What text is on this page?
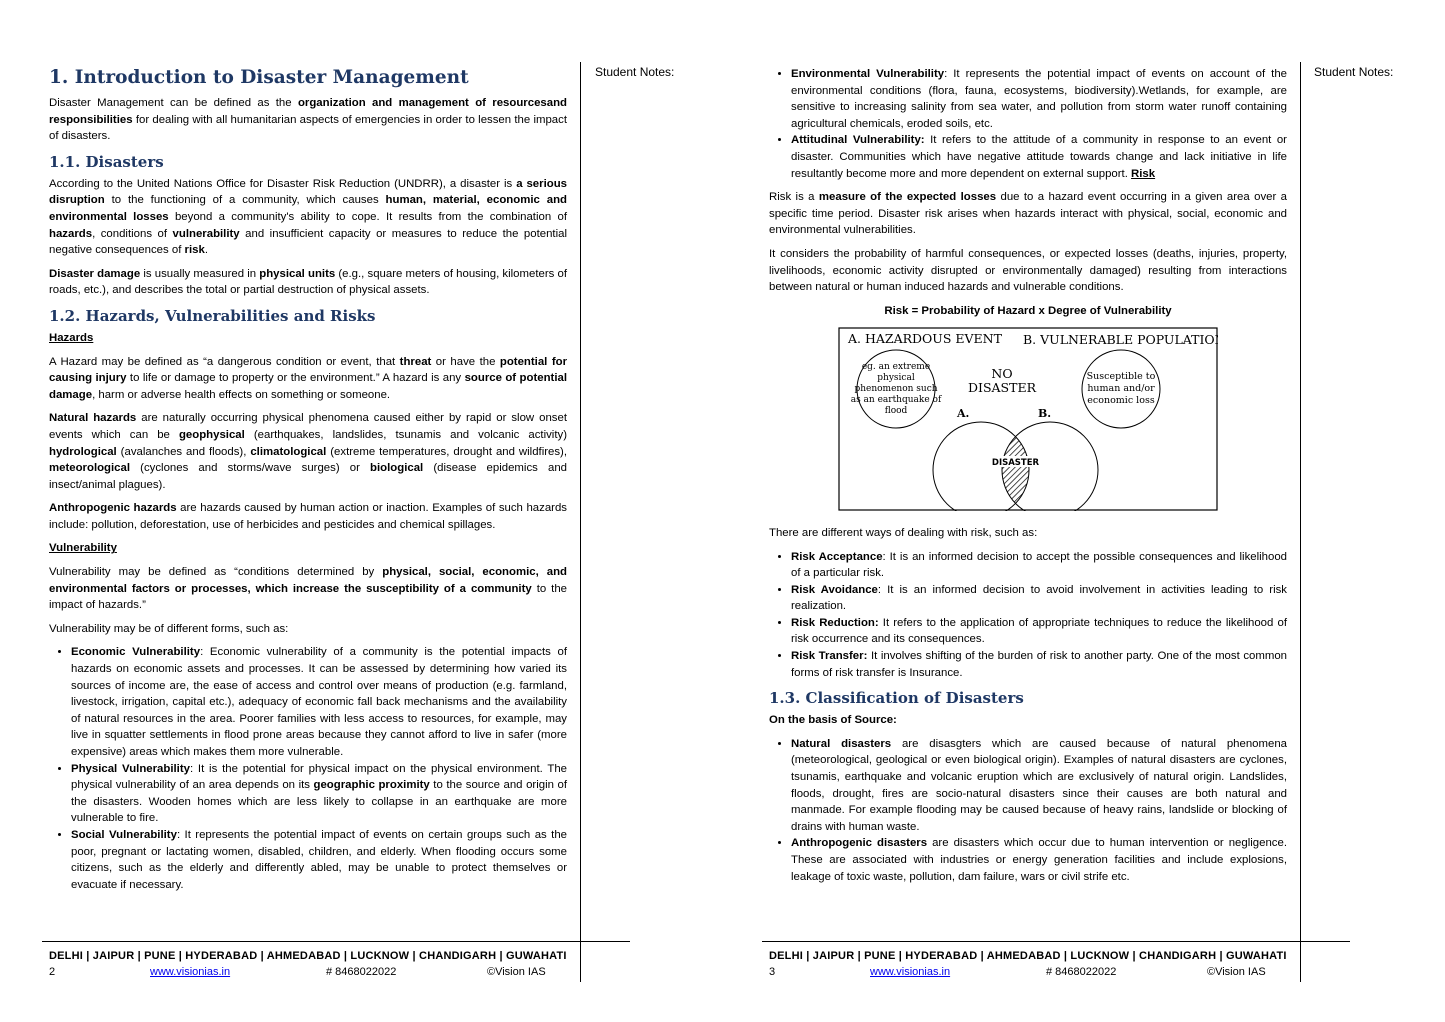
Student Notes:
1. Introduction to Disaster Management

Disaster Management can be defined as the organization and management of resourcesand responsibilities for dealing with all humanitarian aspects of emergencies in order to lessen the impact of disasters.

1.1. Disasters

According to the United Nations Office for Disaster Risk Reduction (UNDRR), a disaster is a serious disruption to the functioning of a community, which causes human, material, economic and environmental losses beyond a community's ability to cope. It results from the combination of hazards, conditions of vulnerability and insufficient capacity or measures to reduce the potential negative consequences of risk.

Disaster damage is usually measured in physical units (e.g., square meters of housing, kilometers of roads, etc.), and describes the total or partial destruction of physical assets.

1.2. Hazards, Vulnerabilities and Risks
Hazards

A Hazard may be defined as “a dangerous condition or event, that threat or have the potential for causing injury to life or damage to property or the environment.” A hazard is any source of potential damage, harm or adverse health effects on something or someone.

Natural hazards are naturally occurring physical phenomena caused either by rapid or slow onset events which can be geophysical (earthquakes, landslides, tsunamis and volcanic activity) hydrological (avalanches and floods), climatological (extreme temperatures, drought and wildfires), meteorological (cyclones and storms/wave surges) or biological (disease epidemics and insect/animal plagues).

Anthropogenic hazards are hazards caused by human action or inaction. Examples of such hazards include: pollution, deforestation, use of herbicides and pesticides and chemical spillages.

Vulnerability

Vulnerability may be defined as “conditions determined by physical, social, economic, and environmental factors or processes, which increase the susceptibility of a community to the impact of hazards.”

Vulnerability may be of different forms, such as:

• Economic Vulnerability: Economic vulnerability of a community is the potential impacts of hazards on economic assets and processes. It can be assessed by determining how varied its sources of income are, the ease of access and control over means of production (e.g. farmland, livestock, irrigation, capital etc.), adequacy of economic fall back mechanisms and the availability of natural resources in the area. Poorer families with less access to resources, for example, may live in squatter settlements in flood prone areas because they cannot afford to live in safer (more expensive) areas which makes them more vulnerable.
• Physical Vulnerability: It is the potential for physical impact on the physical environment. The physical vulnerability of an area depends on its geographic proximity to the source and origin of the disasters. Wooden homes which are less likely to collapse in an earthquake are more vulnerable to fire.
• Social Vulnerability: It represents the potential impact of events on certain groups such as the poor, pregnant or lactating women, disabled, children, and elderly. When flooding occurs some citizens, such as the elderly and differently abled, may be unable to protect themselves or evacuate if necessary.
DELHI | JAIPUR | PUNE | HYDERABAD | AHMEDABAD | LUCKNOW | CHANDIGARH | GUWAHATI
2	www.visionias.in	# 8468022022	©Vision IAS
Student Notes:
• Environmental Vulnerability: It represents the potential impact of events on account of the environmental conditions (flora, fauna, ecosystems, biodiversity).Wetlands, for example, are sensitive to increasing salinity from sea water, and pollution from storm water runoff containing agricultural chemicals, eroded soils, etc.
• Attitudinal Vulnerability: It refers to the attitude of a community in response to an event or disaster. Communities which have negative attitude towards change and lack initiative in life resultantly become more and more dependent on external support. Risk

Risk is a measure of the expected losses due to a hazard event occurring in a given area over a specific time period. Disaster risk arises when hazards interact with physical, social, economic and environmental vulnerabilities.

It considers the probability of harmful consequences, or expected losses (deaths, injuries, property, livelihoods, economic activity disrupted or environmentally damaged) resulting from interactions between natural or human induced hazards and vulnerable conditions.

Risk = Probability of Hazard x Degree of Vulnerability
A. HAZARDOUS EVENT B. VULNERABLE POPULATION
eg. an extreme
physical
phenomenon such
as an earthquake of
flood
NO
DISASTER
Susceptible to
human and/or
economic loss
A.	B.
DISASTER

There are different ways of dealing with risk, such as:

• Risk Acceptance: It is an informed decision to accept the possible consequences and likelihood of a particular risk.
• Risk Avoidance: It is an informed decision to avoid involvement in activities leading to risk realization.
• Risk Reduction: It refers to the application of appropriate techniques to reduce the likelihood of risk occurrence and its consequences.
• Risk Transfer: It involves shifting of the burden of risk to another party. One of the most common forms of risk transfer is Insurance.
1.3. Classification of Disasters
On the basis of Source:
• Natural disasters are disasgters which are caused because of natural phenomena (meteorological, geological or even biological origin). Examples of natural disasters are cyclones, tsunamis, earthquake and volcanic eruption which are exclusively of natural origin. Landslides, floods, drought, fires are socio-natural disasters since their causes are both natural and manmade. For example flooding may be caused because of heavy rains, landslide or blocking of drains with human waste.
• Anthropogenic disasters are disasters which occur due to human intervention or negligence. These are associated with industries or energy generation facilities and include explosions, leakage of toxic waste, pollution, dam failure, wars or civil strife etc.
DELHI | JAIPUR | PUNE | HYDERABAD | AHMEDABAD | LUCKNOW | CHANDIGARH | GUWAHATI
3	www.visionias.in	# 8468022022	©Vision IAS
